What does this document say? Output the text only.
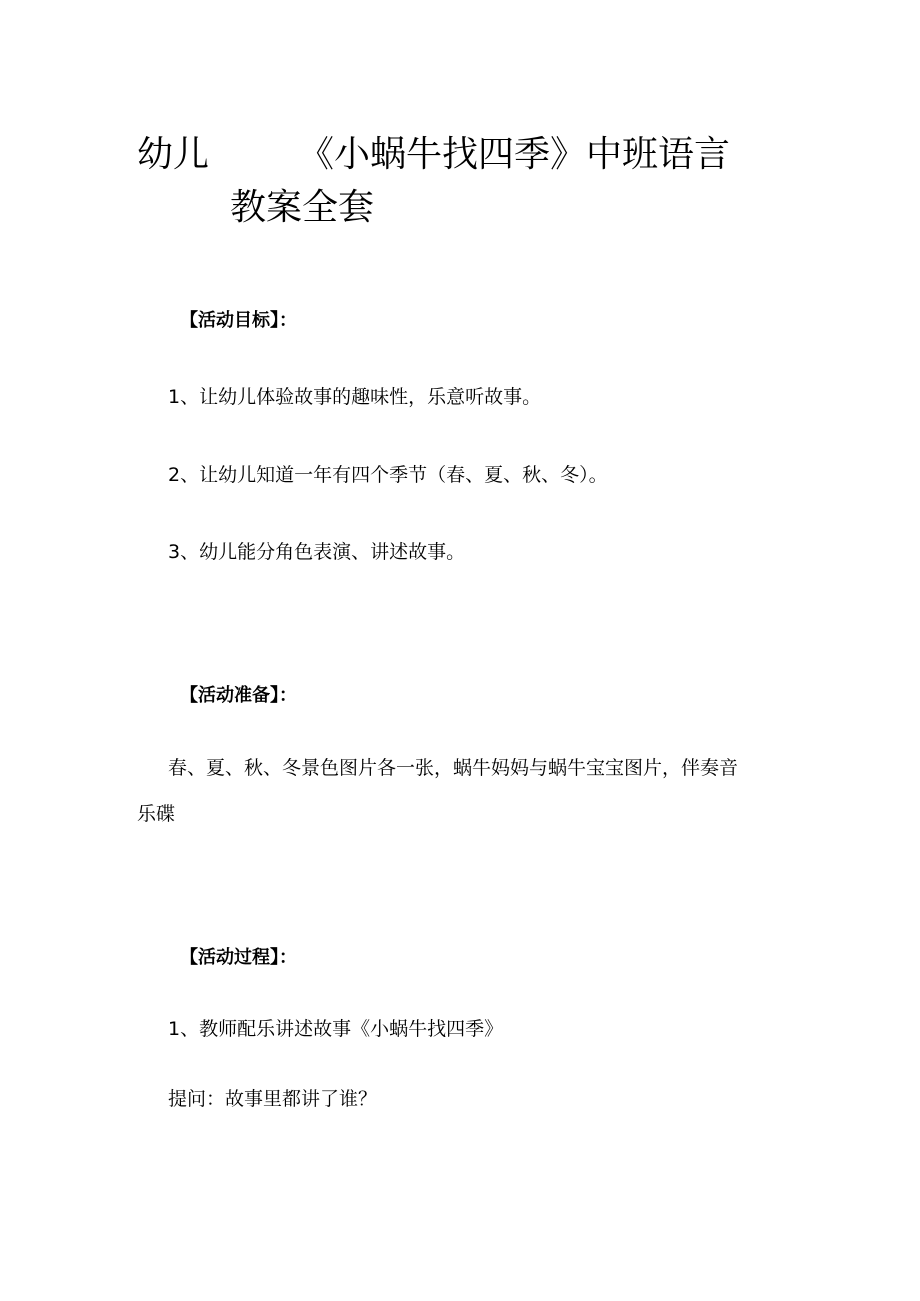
幼儿 《小蜗牛找四季》中班语言
教案全套
【活动目标】：

1、让幼儿体验故事的趣味性，乐意听故事。

2、让幼儿知道一年有四个季节（春、夏、秋、冬）。

3、幼儿能分角色表演、讲述故事。

【活动准备】：

春、夏、秋、冬景色图片各一张，蜗牛妈妈与蜗牛宝宝图片，伴奏音

乐碟

【活动过程】：

1、教师配乐讲述故事《小蜗牛找四季》

提问：故事里都讲了谁？
